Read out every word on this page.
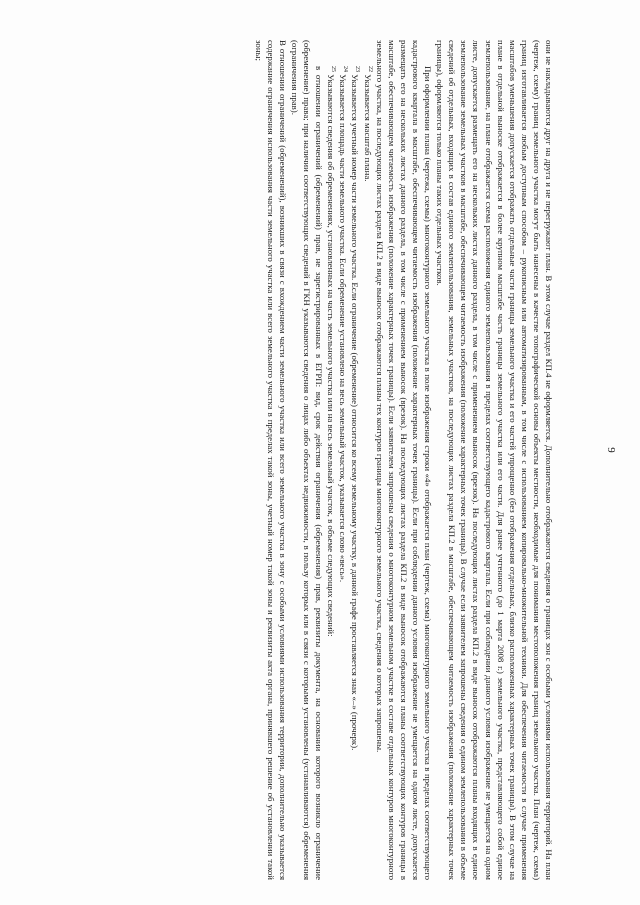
9

они не накладываются друг на друга и не перегружают план. В этом случае раздел КП.4 не оформляется. Дополнительно отображаются сведения о границах зон с особыми условиями использования территорий. На план (чертеж, схему) границ земельного участка могут быть нанесены в качестве топографической основы объекты местности, необходимые для понимания местоположения границ земельного участка. План (чертеж, схема) границ изготавливается любым доступным способом – рукописным или автоматизированным, в том числе с использованием копировально-множительной техники. Для обеспечения читаемости в случае применения масштабов уменьшения допускается отображать отдельные части границы земельного участка и его частей упрощенно (без отображения отдельных, близко расположенных характерных точек границы). В этом случае на плане в отдельной выноске отображается в более крупном масштабе часть границы земельного участка или его части. Для ранее учтенного (до 1 марта 2008 г.) земельного участка, представляющего собой единое землепользование, на плане отображается схема расположения единого землепользования в пределах соответствующего кадастрового квартала. Если при соблюдении данного условия изображение не умещается на одном листе, допускается размещать его на нескольких листах данного раздела, в том числе с применением выносок (врезок). На последующих листах раздела КП.2 в виде выносок отображаются планы входящих в единое землепользование земельных участков в масштабе, обеспечивающем читаемость изображения (положение характерных точек границы). В случае если заявителем запрошены сведения о едином землепользовании в объеме сведений об отдельных, входящих в состав единого землепользования, земельных участков, на последующих листах раздела КП.2 в масштабе, обеспечивающем читаемость изображения (положение характерных точек границы), оформляются только планы таких отдельных участков.

При оформлении плана (чертежа, схемы) многоконтурного земельного участка в поле изображения строки «4» отображается план (чертеж, схема) многоконтурного земельного участка в пределах соответствующего кадастрового квартала в масштабе, обеспечивающем читаемость изображения (положение характерных точек границы). Если при соблюдении данного условия изображение не умещается на одном листе, допускается размещать его на нескольких листах данного раздела, в том числе с применением выносок (врезок). На последующих листах раздела КП.2 в виде выносок отображаются планы соответствующих контуров границы в масштабе, обеспечивающем читаемость изображения (положение характерных точек границы). Если заявителем запрошены сведения о многоконтурном земельном участке в составе отдельных контуров многоконтурного земельного участка, на последующих листах раздела КП.2 в виде выносок отображаются планы тех контуров границы многоконтурного земельного участка, сведения о которых запрошены.

$^{22}$ Указывается масштаб плана.

$^{23}$ Указывается учетный номер части земельного участка. Если ограничение (обременение) относится ко всему земельному участку, в данной графе проставляется знак «–» (прочерк).

$^{24}$ Указывается площадь части земельного участка. Если обременение установлено на весь земельный участок, указывается слово «весь».

$^{25}$ Указываются сведения об обременениях, установленных на часть земельного участка или на весь земельный участок, в объеме следующих сведений:

в отношении ограничений (обременений) прав, не зарегистрированных в ЕГРП: вид, срок действия ограничения (обременения) прав, реквизиты документа, на основании которого возникло ограничение (обременение) права; при наличии соответствующих сведений в ГКН указываются сведения о лицах либо объектах недвижимости, в пользу которых или в связи с которыми установлены (устанавливаются) обременения (ограничения прав).

В отношении ограничений (обременений), возникших в связи с вхождением части земельного участка или всего земельного участка в зону с особыми условиями использования территории, дополнительно указывается содержание ограничения использования части земельного участка или всего земельного участка в пределах такой зоны, учетный номер такой зоны и реквизиты акта органа, принявшего решение об установлении такой зоны;
